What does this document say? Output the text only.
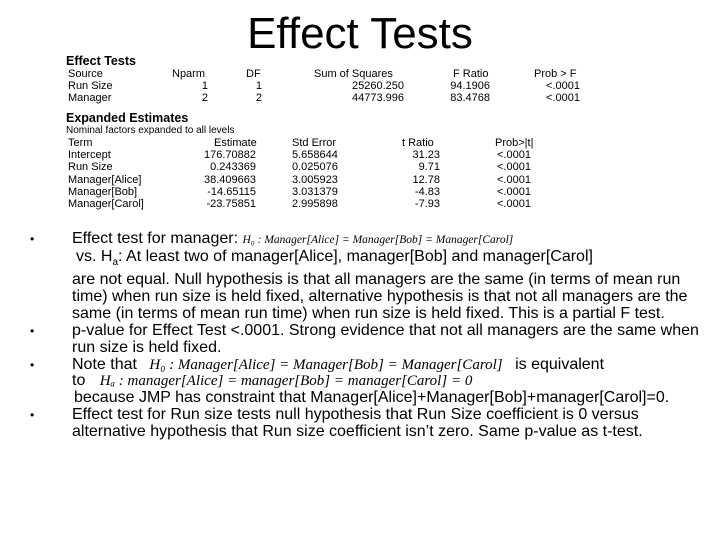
Effect Tests
Effect Tests
Source	Nparm	DF	Sum of Squares	F Ratio	Prob > F
Run Size	1	1	25260.250	94.1906	<.0001
Manager	2	2	44773.996	83.4768	<.0001
Expanded Estimates
Nominal factors expanded to all levels
Term	Estimate	Std Error	t Ratio	Prob>|t|
Intercept	176.70882	5.658644	31.23	<.0001
Run Size	0.243369	0.025076	9.71	<.0001
Manager[Alice]	38.409663	3.005923	12.78	<.0001
Manager[Bob]	-14.65115	3.031379	-4.83	<.0001
Manager[Carol]	-23.75851	2.995898	-7.93	<.0001
•	Effect test for manager: H₀ : Manager[Alice] = Manager[Bob] = Manager[Carol]
vs. $H_a$: At least two of manager[Alice], manager[Bob] and manager[Carol]
are not equal. Null hypothesis is that all managers are the same (in terms of mean run time) when run size is held fixed, alternative hypothesis is that not all managers are the same (in terms of mean run time) when run size is held fixed. This is a partial F test.
•	p-value for Effect Test <.0001. Strong evidence that not all managers are the same when run size is held fixed.
•	Note that H₀ : Manager[Alice] = Manager[Bob] = Manager[Carol] is equivalent
to Hₐ : manager[Alice] = manager[Bob] = manager[Carol] = 0
because JMP has constraint that Manager[Alice]+Manager[Bob]+manager[Carol]=0.
•	Effect test for Run size tests null hypothesis that Run Size coefficient is 0 versus alternative hypothesis that Run size coefficient isn’t zero. Same p-value as t-test.
